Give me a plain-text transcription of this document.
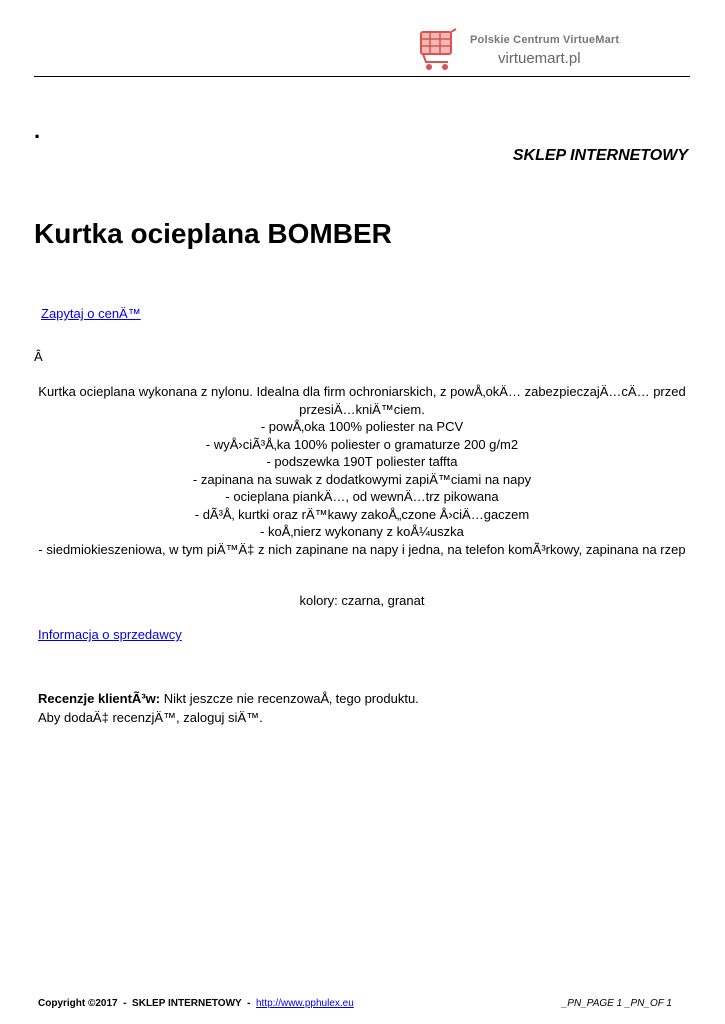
Polskie Centrum VirtueMart
virtuemart.pl
.
SKLEP INTERNETOWY
Kurtka ocieplana BOMBER
Zapytaj o cenÄ™
Â
Kurtka ocieplana wykonana z nylonu. Idealna dla firm ochroniarskich, z powÅ‚okÄ… zabezpieczajÄ…cÄ… przed przesiÄ…kniÄ™ciem.
- powÅ‚oka 100% poliester na PCV
- wyÅ›ciÃ³Å‚ka 100% poliester o gramaturze 200 g/m2
- podszewka 190T poliester taffta
- zapinana na suwak z dodatkowymi zapiÄ™ciami na napy
- ocieplana piankÄ…, od wewnÄ…trz pikowana
- dÃ³Å‚ kurtki oraz rÄ™kawy zakoÅ„czone Å›ciÄ…gaczem
- koÅ‚nierz wykonany z koÅ¼uszka
- siedmiokieszeniowa, w tym piÄ™Ä‡ z nich zapinane na napy i jedna, na telefon komÃ³rkowy, zapinana na rzep
kolory: czarna, granat
Informacja o sprzedawcy
Recenzje klientÃ³w: Nikt jeszcze nie recenzowaÅ‚ tego produktu.
Aby dodaÄ‡ recenzjÄ™, zaloguj siÄ™.
Copyright ©2017  -  SKLEP INTERNETOWY  -  http://www.pphulex.eu	_PN_PAGE 1 _PN_OF 1
